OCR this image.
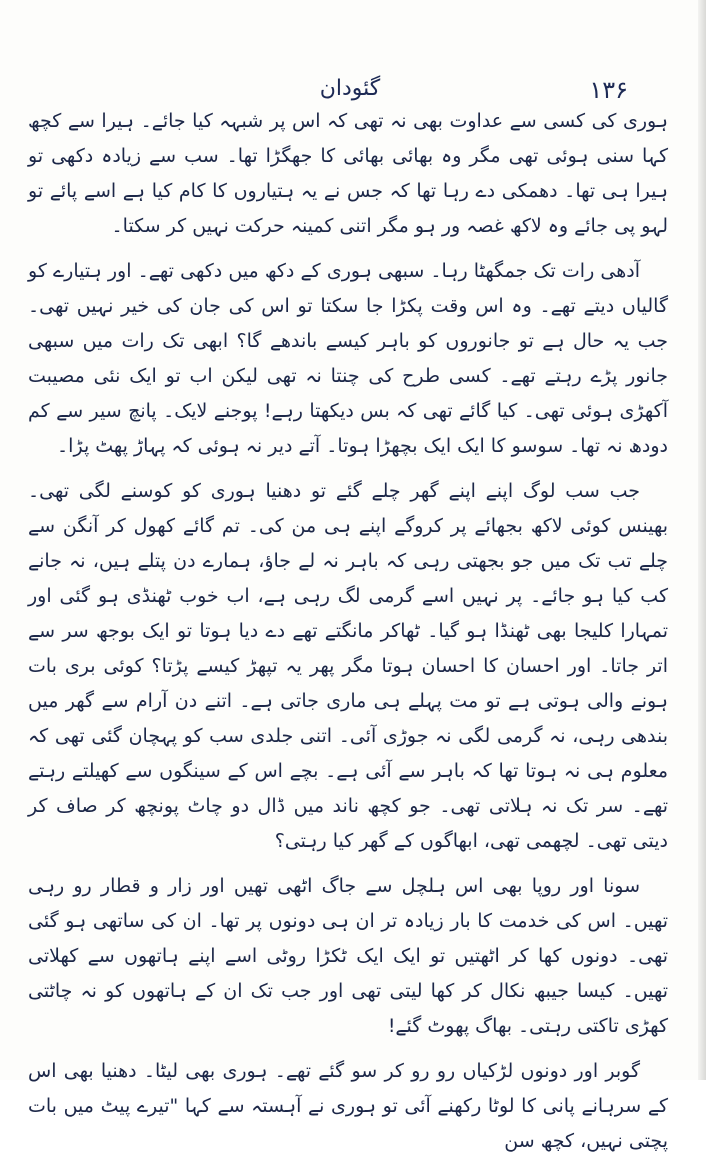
۱۳۶
گئودان

ہوری کی کسی سے عداوت بھی نہ تھی کہ اس پر شبہہ کیا جائے۔ ہیرا سے کچھ کہا سنی ہوئی تھی مگر وہ بھائی بھائی کا جھگڑا تھا۔ سب سے زیادہ دکھی تو ہیرا ہی تھا۔ دھمکی دے رہا تھا کہ جس نے یہ ہتیاروں کا کام کیا ہے اسے پائے تو لہو پی جائے وہ لاکھ غصہ ور ہو مگر اتنی کمینہ حرکت نہیں کر سکتا۔

آدھی رات تک جمگھٹا رہا۔ سبھی ہوری کے دکھ میں دکھی تھے۔ اور ہتیارے کو گالیاں دیتے تھے۔ وہ اس وقت پکڑا جا سکتا تو اس کی جان کی خیر نہیں تھی۔ جب یہ حال ہے تو جانوروں کو باہر کیسے باندھے گا؟ ابھی تک رات میں سبھی جانور پڑے رہتے تھے۔ کسی طرح کی چنتا نہ تھی لیکن اب تو ایک نئی مصیبت آکھڑی ہوئی تھی۔ کیا گائے تھی کہ بس دیکھتا رہے! پوجنے لایک۔ پانچ سیر سے کم دودھ نہ تھا۔ سوسو کا ایک ایک بچھڑا ہوتا۔ آتے دیر نہ ہوئی کہ پہاڑ پھٹ پڑا۔

جب سب لوگ اپنے اپنے گھر چلے گئے تو دھنیا ہوری کو کوسنے لگی تھی۔ بھینس کوئی لاکھ بجھائے پر کروگے اپنے ہی من کی۔ تم گائے کھول کر آنگن سے چلے تب تک میں جو بجھتی رہی کہ باہر نہ لے جاؤ، ہمارے دن پتلے ہیں، نہ جانے کب کیا ہو جائے۔ پر نہیں اسے گرمی لگ رہی ہے، اب خوب ٹھنڈی ہو گئی اور تمہارا کلیجا بھی ٹھنڈا ہو گیا۔ ٹھاکر مانگتے تھے دے دیا ہوتا تو ایک بوجھ سر سے اتر جاتا۔ اور احسان کا احسان ہوتا مگر پھر یہ تپھڑ کیسے پڑتا؟ کوئی بری بات ہونے والی ہوتی ہے تو مت پہلے ہی ماری جاتی ہے۔ اتنے دن آرام سے گھر میں بندھی رہی، نہ گرمی لگی نہ جوڑی آئی۔ اتنی جلدی سب کو پہچان گئی تھی کہ معلوم ہی نہ ہوتا تھا کہ باہر سے آئی ہے۔ بچے اس کے سینگوں سے کھیلتے رہتے تھے۔ سر تک نہ ہلاتی تھی۔ جو کچھ ناند میں ڈال دو چاٹ پونچھ کر صاف کر دیتی تھی۔ لچھمی تھی، ابھاگوں کے گھر کیا رہتی؟

سونا اور روپا بھی اس ہلچل سے جاگ اٹھی تھیں اور زار و قطار رو رہی تھیں۔ اس کی خدمت کا بار زیادہ تر ان ہی دونوں پر تھا۔ ان کی ساتھی ہو گئی تھی۔ دونوں کھا کر اٹھتیں تو ایک ایک ٹکڑا روٹی اسے اپنے ہاتھوں سے کھلاتی تھیں۔ کیسا جیبھ نکال کر کھا لیتی تھی اور جب تک ان کے ہاتھوں کو نہ چاٹتی کھڑی تاکتی رہتی۔ بھاگ پھوٹ گئے!

گوبر اور دونوں لڑکیاں رو رو کر سو گئے تھے۔ ہوری بھی لیٹا۔ دھنیا بھی اس کے سرہانے پانی کا لوٹا رکھنے آئی تو ہوری نے آہستہ سے کہا "تیرے پیٹ میں بات پچتی نہیں، کچھ سن
